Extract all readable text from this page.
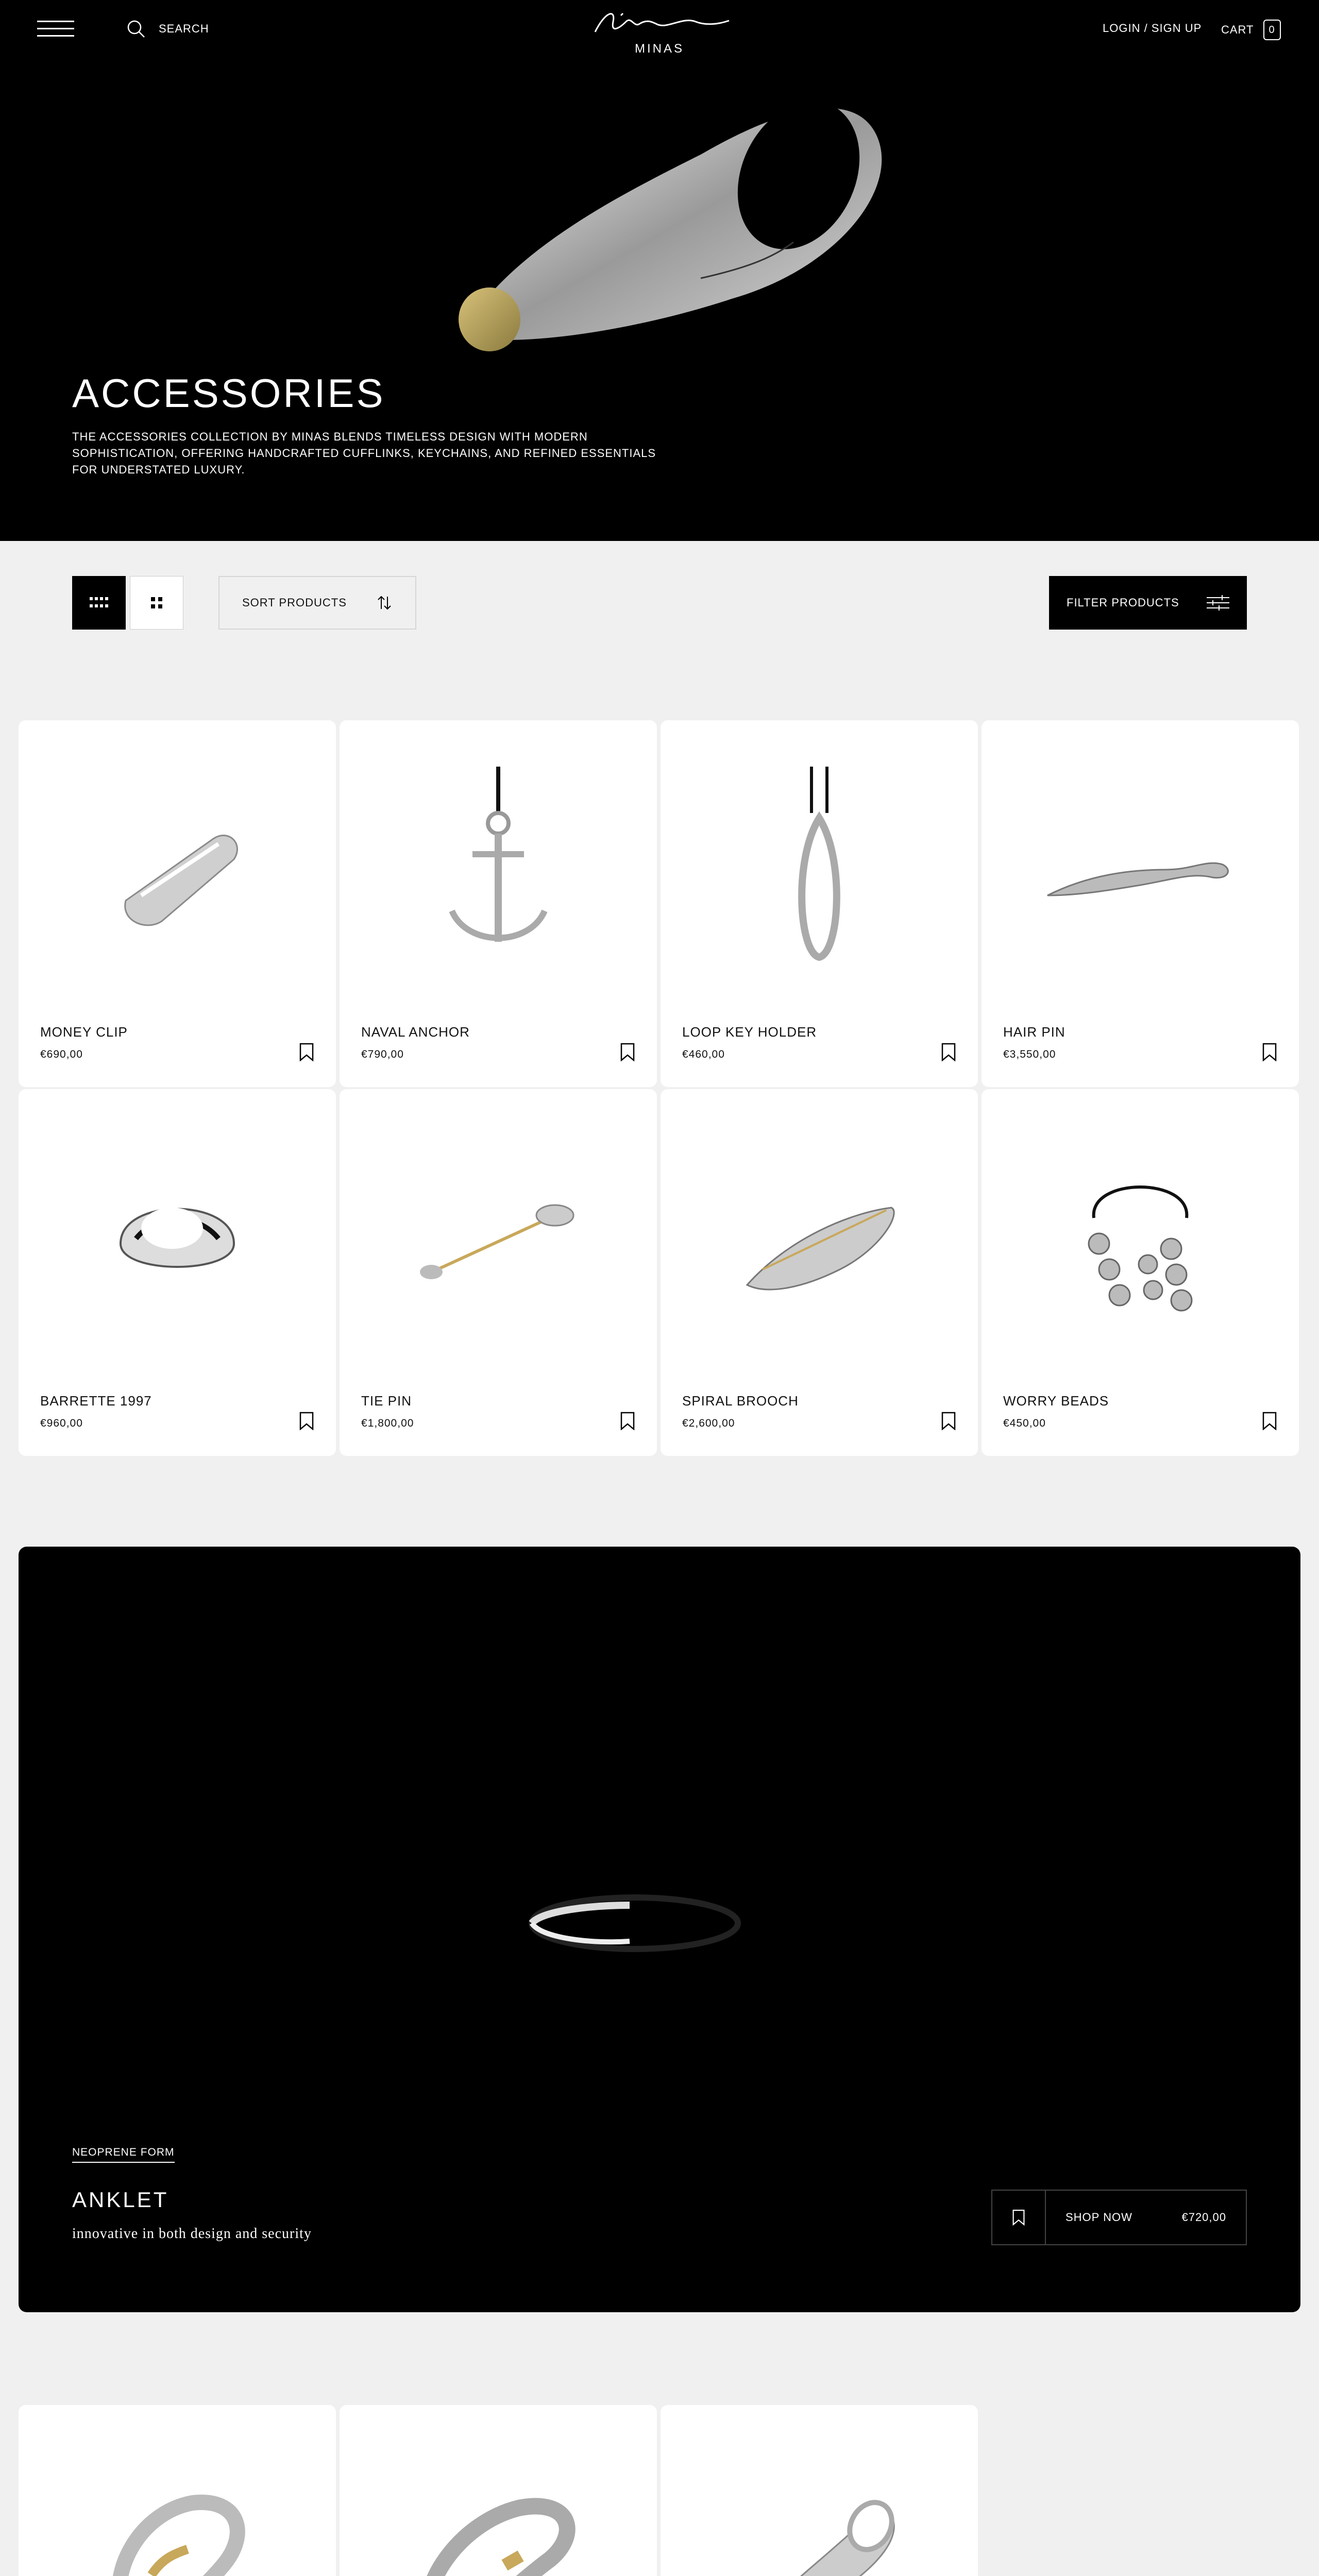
SEARCH
MINAS
LOGIN / SIGN UP CART	0
ACCESSORIES

THE ACCESSORIES COLLECTION BY MINAS BLENDS TIMELESS DESIGN WITH MODERN SOPHISTICATION, OFFERING HANDCRAFTED CUFFLINKS, KEYCHAINS, AND REFINED ESSENTIALS FOR UNDERSTATED LUXURY.

SORT PRODUCTS	FILTER PRODUCTS
MONEY CLIP
€690,00
NAVAL ANCHOR
€790,00
LOOP KEY HOLDER
€460,00
HAIR PIN
€3,550,00
BARRETTE 1997
€960,00
TIE PIN
€1,800,00
SPIRAL BROOCH
€2,600,00
WORRY BEADS
€450,00
NEOPRENE FORM
ANKLET
innovative in both design and security
SHOP NOW	€720,00
